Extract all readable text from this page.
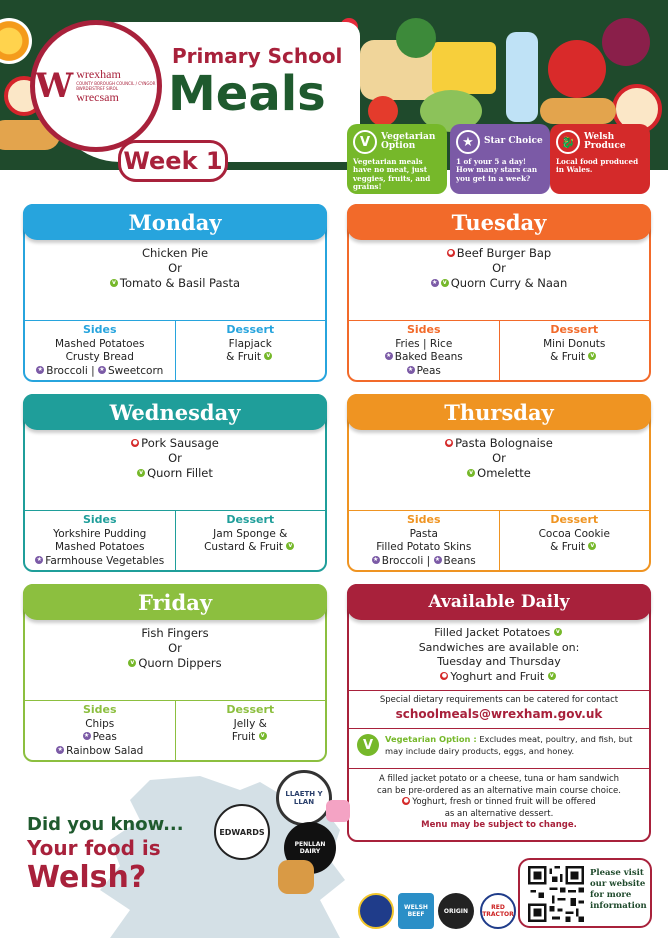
W wrexham
COUNTY BOROUGH COUNCIL / CYNGOR BWRDEISTREF SIROL
wrecsam
Primary School
Meals
Week 1
V	Vegetarian Option
Vegetarian meals have no meat, just veggies, fruits, and grains!
★	Star Choice
1 of your 5 a day! How many stars can you get in a week?
🐉	Welsh Produce
Local food produced in Wales.
Monday
Chicken Pie
Or
v Tomato & Basil Pasta
Sides
Mashed Potatoes
Crusty Bread
★ Broccoli | ★ Sweetcorn
Dessert
Flapjack
& Fruit v
Tuesday
● Beef Burger Bap
Or
★ v Quorn Curry & Naan
Sides
Fries | Rice
★ Baked Beans
★ Peas
Dessert
Mini Donuts
& Fruit v
Wednesday
● Pork Sausage
Or
v Quorn Fillet
Sides
Yorkshire Pudding
Mashed Potatoes
★ Farmhouse Vegetables
Dessert
Jam Sponge &
Custard & Fruit v
Thursday
● Pasta Bolognaise
Or
v Omelette
Sides
Pasta
Filled Potato Skins
★ Broccoli | ★ Beans
Dessert
Cocoa Cookie
& Fruit v
Friday
Fish Fingers
Or
v Quorn Dippers
Sides
Chips
★ Peas
★ Rainbow Salad
Dessert
Jelly &
Fruit v
Available Daily
Filled Jacket Potatoes v
Sandwiches are available on:
Tuesday and Thursday
● Yoghurt and Fruit v
Special dietary requirements can be catered for contact
schoolmeals@wrexham.gov.uk
V	Vegetarian Option : Excludes meat, poultry, and fish, but may include dairy products, eggs, and honey.
A filled jacket potato or a cheese, tuna or ham sandwich
can be pre-ordered as an alternative main course choice.
● Yoghurt, fresh or tinned fruit will be offered
as an alternative dessert.
Menu may be subject to change.
Did you know...
Your food is
Welsh?
EDWARDS
LLAETH Y LLAN
PENLLAN DAIRY
WELSH BEEF	ORIGIN	RED TRACTOR
Please visit our website for more information
